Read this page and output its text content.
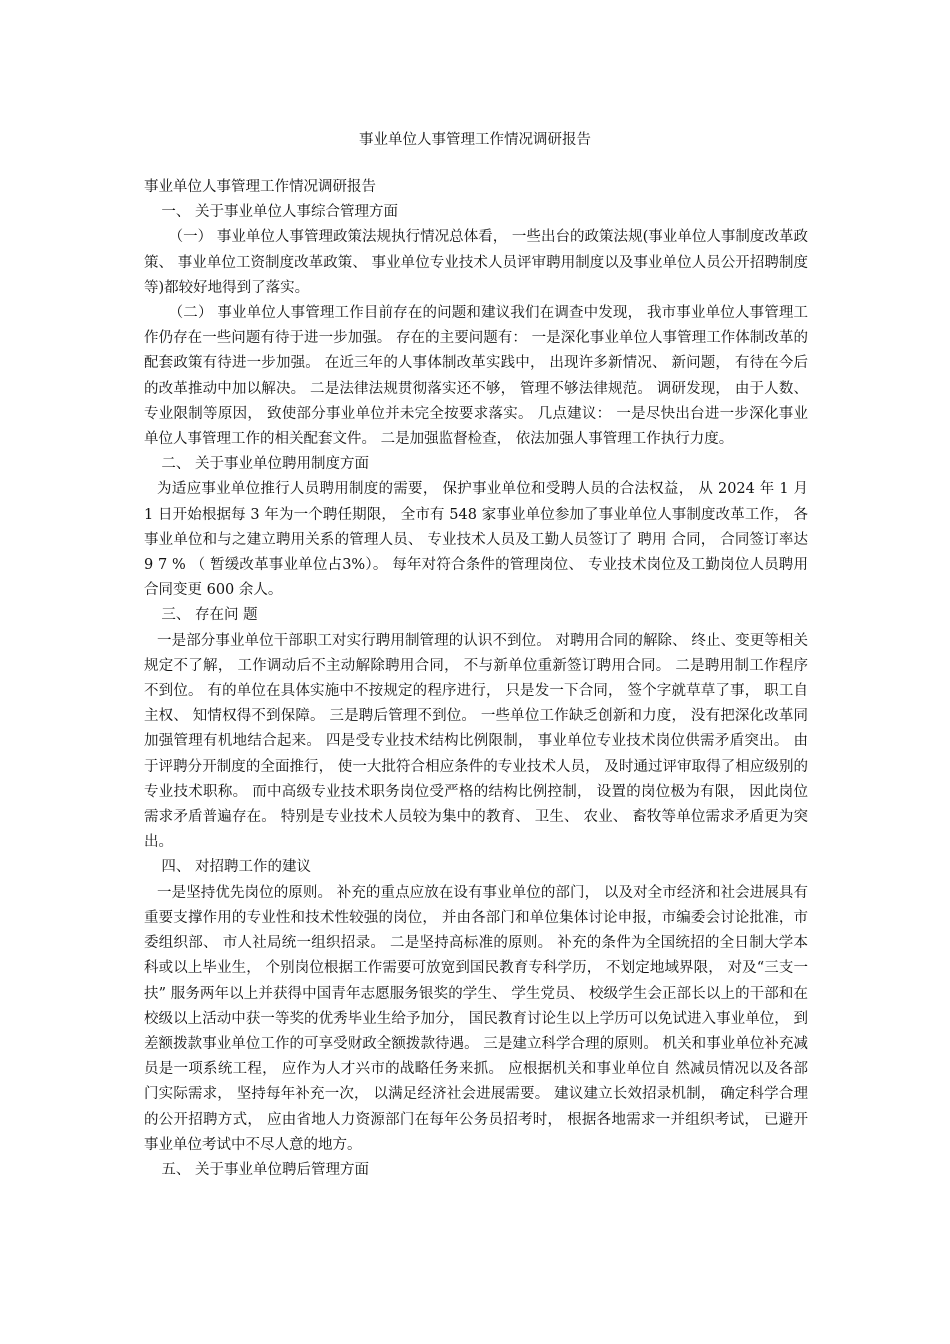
事业单位人事管理工作情况调研报告

事业单位人事管理工作情况调研报告

一、 关于事业单位人事综合管理方面

（一） 事业单位人事管理政策法规执行情况总体看， 一些出台的政策法规(事业单位人事制度改革政策、 事业单位工资制度改革政策、 事业单位专业技术人员评审聘用制度以及事业单位人员公开招聘制度等)都较好地得到了落实。

（二） 事业单位人事管理工作目前存在的问题和建议我们在调查中发现， 我市事业单位人事管理工作仍存在一些问题有待于进一步加强。 存在的主要问题有： 一是深化事业单位人事管理工作体制改革的配套政策有待进一步加强。 在近三年的人事体制改革实践中， 出现许多新情况、 新问题， 有待在今后的改革推动中加以解决。 二是法律法规贯彻落实还不够， 管理不够法律规范。 调研发现， 由于人数、 专业限制等原因， 致使部分事业单位并未完全按要求落实。 几点建议： 一是尽快出台进一步深化事业单位人事管理工作的相关配套文件。 二是加强监督检查， 依法加强人事管理工作执行力度。

二、 关于事业单位聘用制度方面

为适应事业单位推行人员聘用制度的需要， 保护事业单位和受聘人员的合法权益， 从 2024 年 1 月 1 日开始根据每 3 年为一个聘任期限， 全市有 548 家事业单位参加了事业单位人事制度改革工作， 各事业单位和与之建立聘用关系的管理人员、 专业技术人员及工勤人员签订了 聘用 合同， 合同签订率达 9 7 % （ 暂缓改革事业单位占3%）。 每年对符合条件的管理岗位、 专业技术岗位及工勤岗位人员聘用合同变更 600 余人。

三、 存在问 题

一是部分事业单位干部职工对实行聘用制管理的认识不到位。 对聘用合同的解除、 终止、变更等相关规定不了解， 工作调动后不主动解除聘用合同， 不与新单位重新签订聘用合同。 二是聘用制工作程序不到位。 有的单位在具体实施中不按规定的程序进行， 只是发一下合同， 签个字就草草了事， 职工自主权、 知情权得不到保障。 三是聘后管理不到位。 一些单位工作缺乏创新和力度， 没有把深化改革同加强管理有机地结合起来。 四是受专业技术结构比例限制， 事业单位专业技术岗位供需矛盾突出。 由于评聘分开制度的全面推行， 使一大批符合相应条件的专业技术人员， 及时通过评审取得了相应级别的专业技术职称。 而中高级专业技术职务岗位受严格的结构比例控制， 设置的岗位极为有限， 因此岗位需求矛盾普遍存在。 特别是专业技术人员较为集中的教育、 卫生、 农业、 畜牧等单位需求矛盾更为突出。

四、 对招聘工作的建议

一是坚持优先岗位的原则。 补充的重点应放在设有事业单位的部门， 以及对全市经济和社会进展具有重要支撑作用的专业性和技术性较强的岗位， 并由各部门和单位集体讨论申报，市编委会讨论批准，市委组织部、 市人社局统一组织招录。 二是坚持高标准的原则。 补充的条件为全国统招的全日制大学本科或以上毕业生， 个别岗位根据工作需要可放宽到国民教育专科学历， 不划定地域界限， 对及“三支一扶” 服务两年以上并获得中国青年志愿服务银奖的学生、 学生党员、 校级学生会正部长以上的干部和在校级以上活动中获一等奖的优秀毕业生给予加分， 国民教育讨论生以上学历可以免试进入事业单位， 到差额拨款事业单位工作的可享受财政全额拨款待遇。 三是建立科学合理的原则。 机关和事业单位补充减员是一项系统工程， 应作为人才兴市的战略任务来抓。 应根据机关和事业单位自 然减员情况以及各部门实际需求， 坚持每年补充一次， 以满足经济社会进展需要。 建议建立长效招录机制， 确定科学合理的公开招聘方式， 应由省地人力资源部门在每年公务员招考时， 根据各地需求一并组织考试， 已避开事业单位考试中不尽人意的地方。

五、 关于事业单位聘后管理方面
